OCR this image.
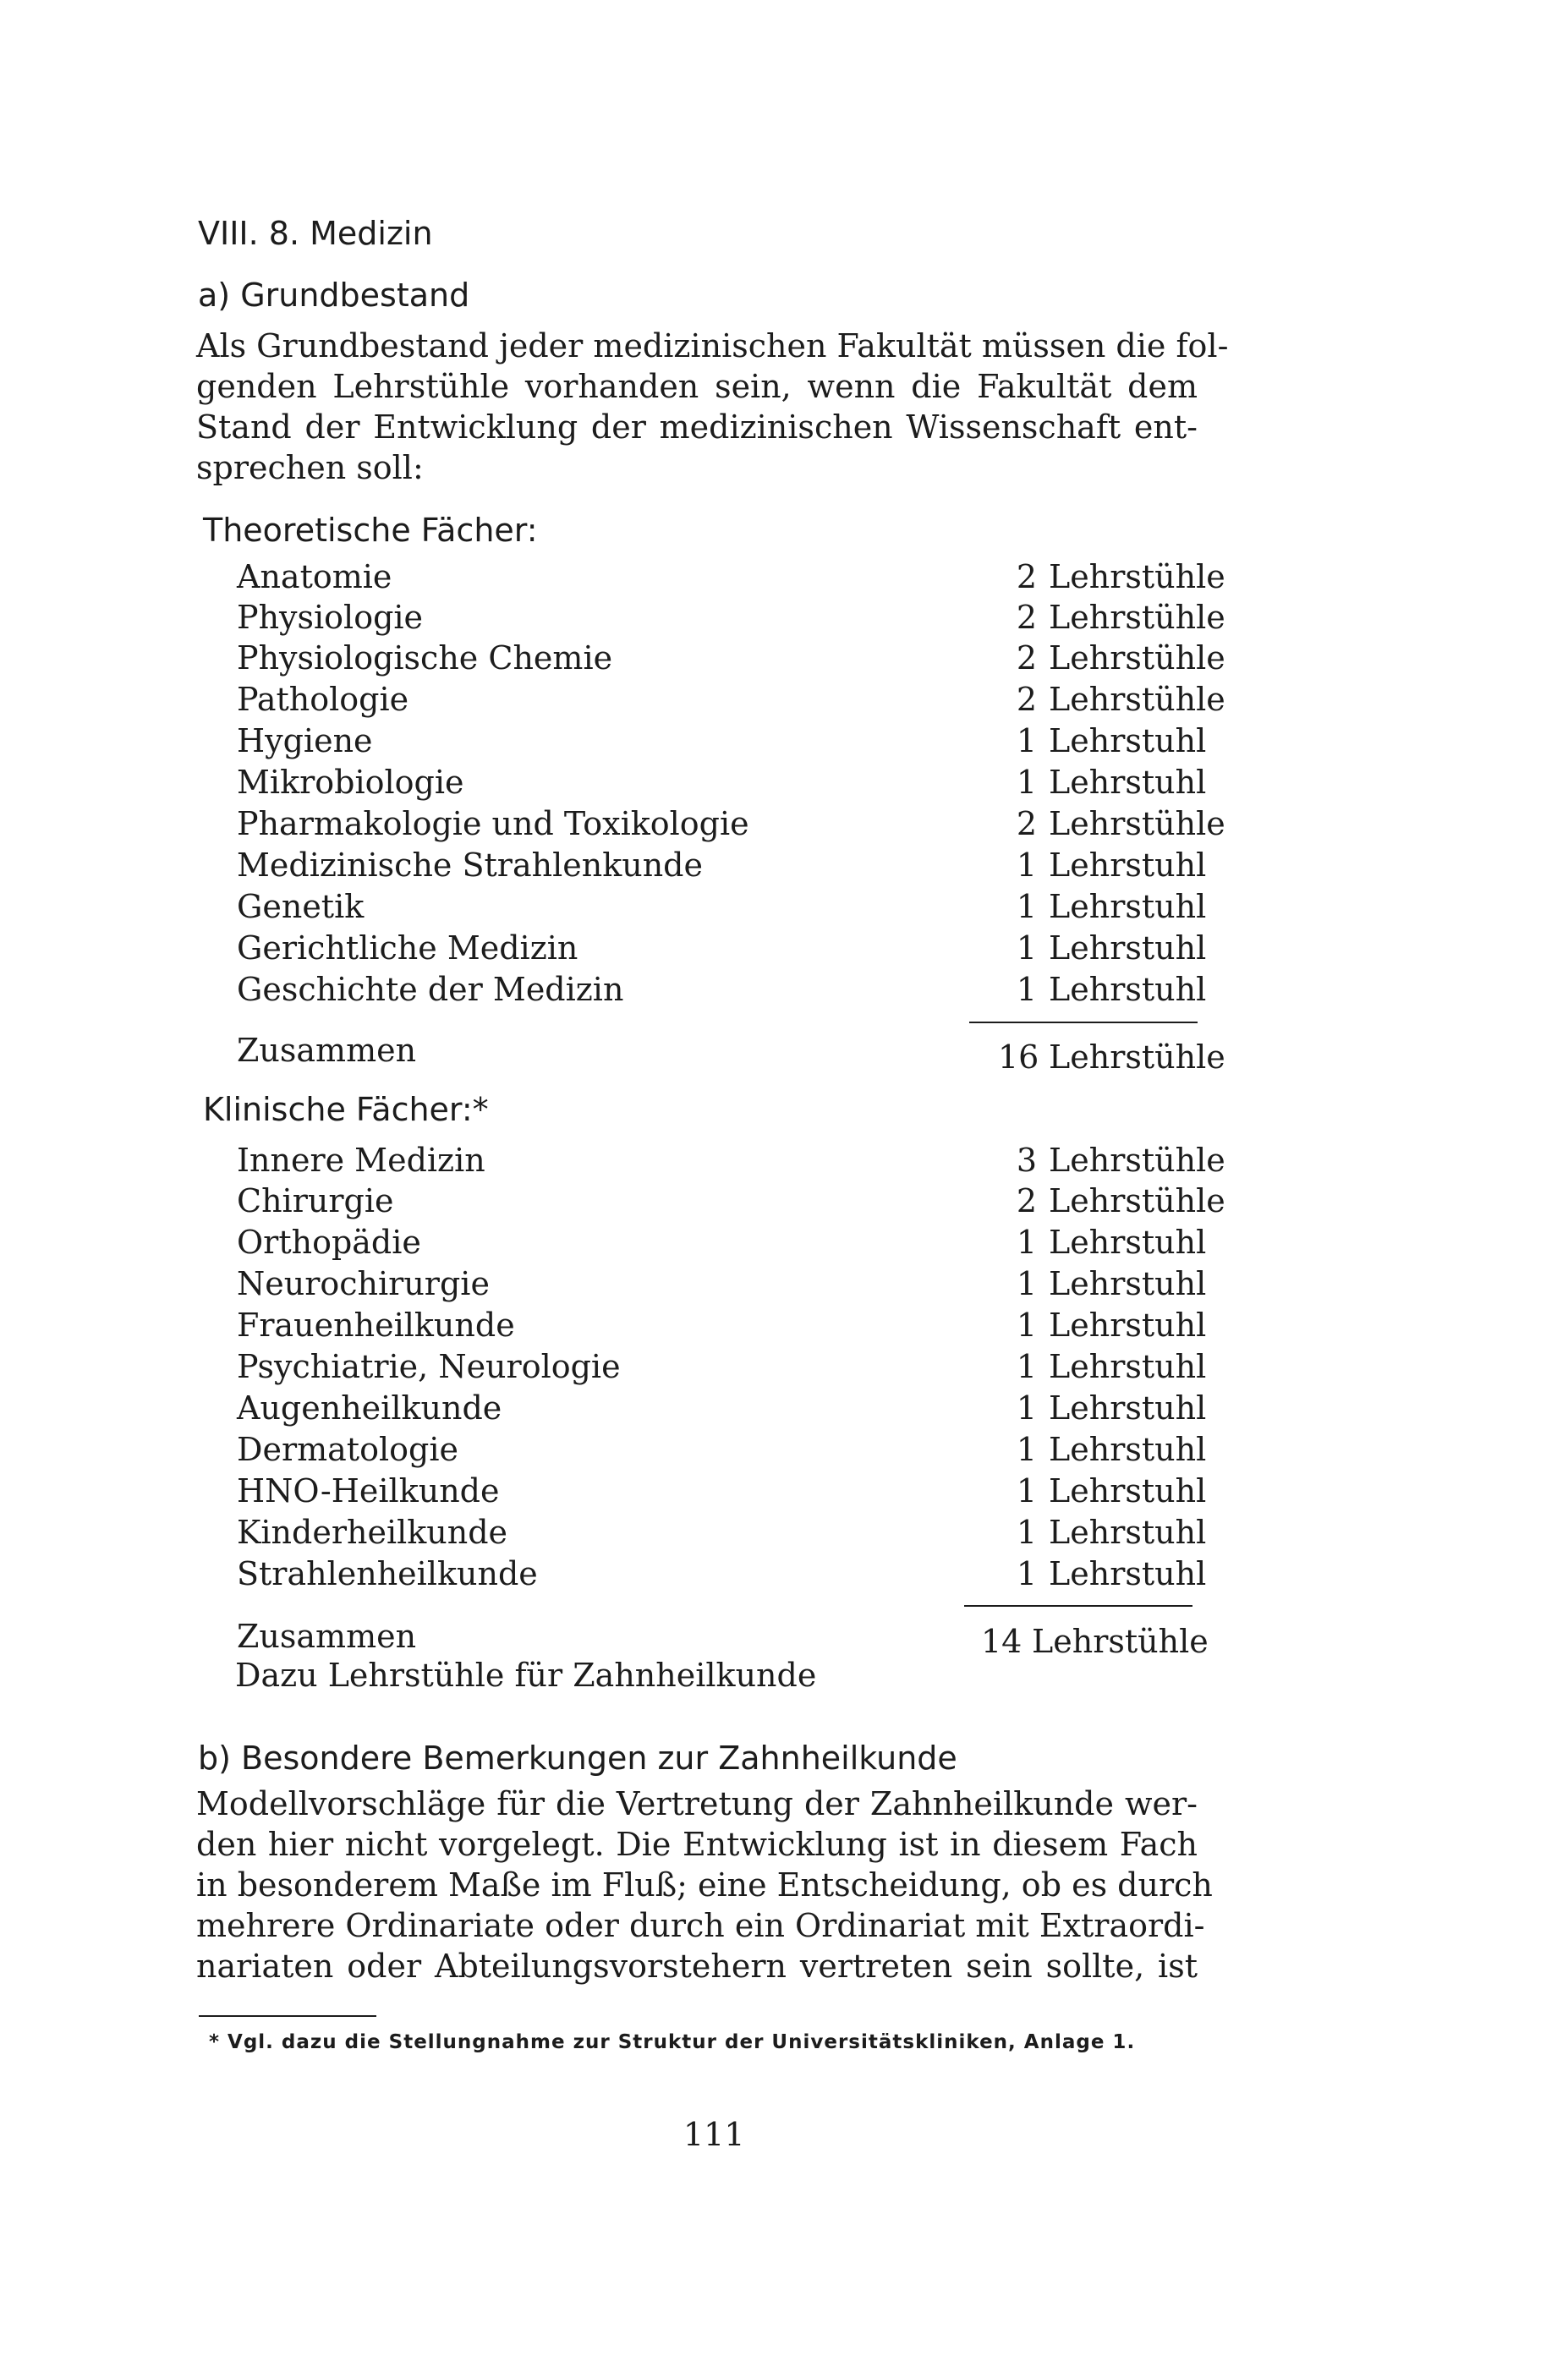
VIII. 8. Medizin
a) Grundbestand
Als Grundbestand jeder medizinischen Fakultät müssen die fol-
genden Lehrstühle vorhanden sein, wenn die Fakultät dem
Stand der Entwicklung der medizinischen Wissenschaft ent-
sprechen soll:
Theoretische Fächer:
Anatomie	2 Lehrstühle
Physiologie	2 Lehrstühle
Physiologische Chemie	2 Lehrstühle
Pathologie	2 Lehrstühle
Hygiene	1 Lehrstuhl
Mikrobiologie	1 Lehrstuhl
Pharmakologie und Toxikologie	2 Lehrstühle
Medizinische Strahlenkunde	1 Lehrstuhl
Genetik	1 Lehrstuhl
Gerichtliche Medizin	1 Lehrstuhl
Geschichte der Medizin	1 Lehrstuhl
Zusammen	16 Lehrstühle
Klinische Fächer:*
Innere Medizin	3 Lehrstühle
Chirurgie	2 Lehrstühle
Orthopädie	1 Lehrstuhl
Neurochirurgie	1 Lehrstuhl
Frauenheilkunde	1 Lehrstuhl
Psychiatrie, Neurologie	1 Lehrstuhl
Augenheilkunde	1 Lehrstuhl
Dermatologie	1 Lehrstuhl
HNO-Heilkunde	1 Lehrstuhl
Kinderheilkunde	1 Lehrstuhl
Strahlenheilkunde	1 Lehrstuhl
Zusammen	14 Lehrstühle
Dazu Lehrstühle für Zahnheilkunde
b) Besondere Bemerkungen zur Zahnheilkunde
Modellvorschläge für die Vertretung der Zahnheilkunde wer-
den hier nicht vorgelegt. Die Entwicklung ist in diesem Fach
in besonderem Maße im Fluß; eine Entscheidung, ob es durch
mehrere Ordinariate oder durch ein Ordinariat mit Extraordi-
nariaten oder Abteilungsvorstehern vertreten sein sollte, ist
* Vgl. dazu die Stellungnahme zur Struktur der Universitätskliniken, Anlage 1.
111
